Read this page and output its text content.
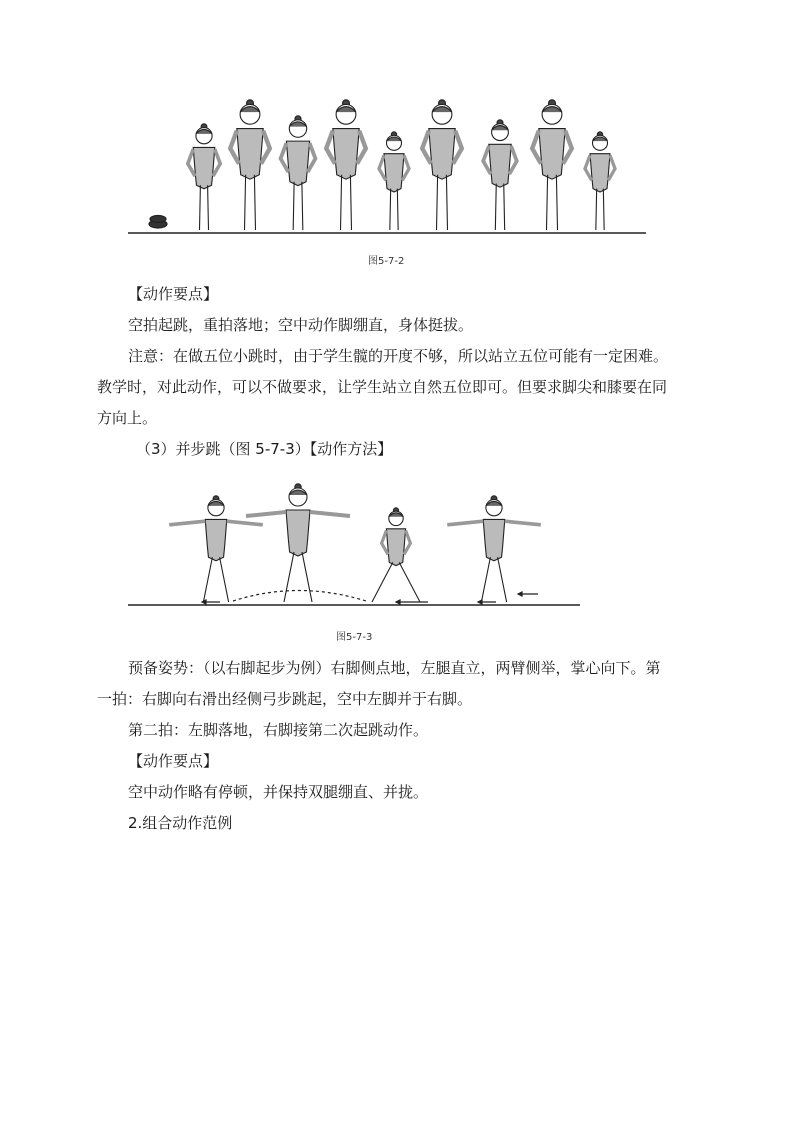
图5-7-2
【动作要点】
空拍起跳，重拍落地；空中动作脚绷直，身体挺拔。
注意：在做五位小跳时，由于学生髋的开度不够，所以站立五位可能有一定困难。
教学时，对此动作，可以不做要求，让学生站立自然五位即可。但要求脚尖和膝要在同
方向上。
（3）并步跳（图 5-7-3）【动作方法】
图5-7-3
预备姿势：（以右脚起步为例）右脚侧点地，左腿直立，两臂侧举，掌心向下。第
一拍：右脚向右滑出经侧弓步跳起，空中左脚并于右脚。
第二拍：左脚落地，右脚接第二次起跳动作。
【动作要点】
空中动作略有停顿，并保持双腿绷直、并拢。
2.组合动作范例
